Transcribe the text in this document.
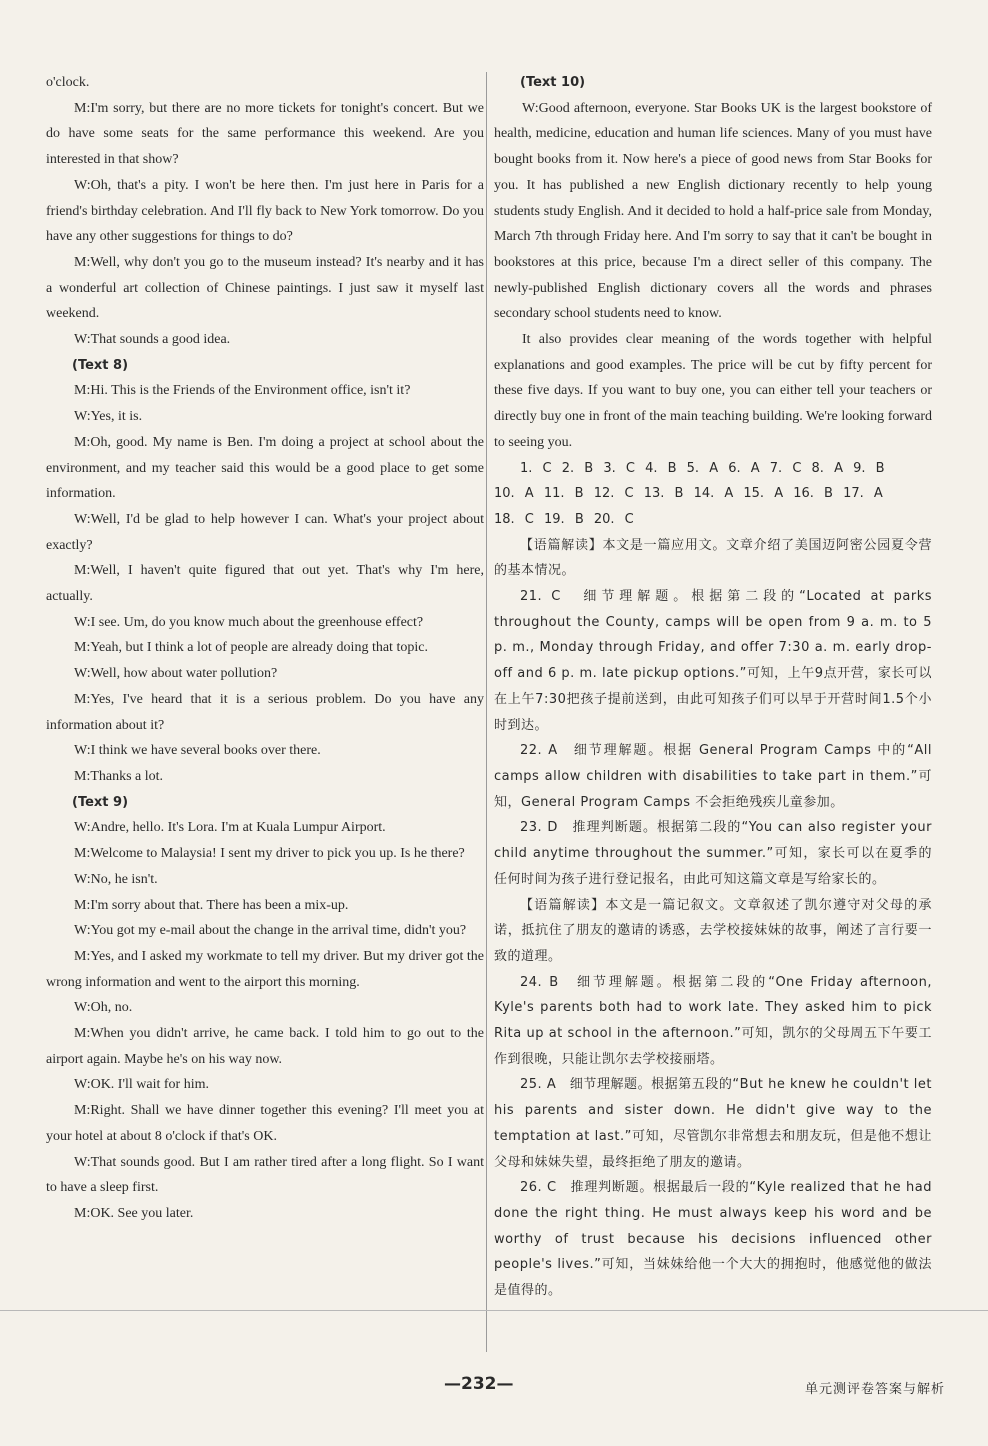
o'clock.

M:I'm sorry, but there are no more tickets for tonight's concert. But we do have some seats for the same performance this weekend. Are you interested in that show?

W:Oh, that's a pity. I won't be here then. I'm just here in Paris for a friend's birthday celebration. And I'll fly back to New York tomorrow. Do you have any other suggestions for things to do?

M:Well, why don't you go to the museum instead? It's nearby and it has a wonderful art collection of Chinese paintings. I just saw it myself last weekend.

W:That sounds a good idea.

(Text 8)

M:Hi. This is the Friends of the Environment office, isn't it?

W:Yes, it is.

M:Oh, good. My name is Ben. I'm doing a project at school about the environment, and my teacher said this would be a good place to get some information.

W:Well, I'd be glad to help however I can. What's your project about exactly?

M:Well, I haven't quite figured that out yet. That's why I'm here, actually.

W:I see. Um, do you know much about the greenhouse effect?

M:Yeah, but I think a lot of people are already doing that topic.

W:Well, how about water pollution?

M:Yes, I've heard that it is a serious problem. Do you have any information about it?

W:I think we have several books over there.

M:Thanks a lot.

(Text 9)

W:Andre, hello. It's Lora. I'm at Kuala Lumpur Airport.

M:Welcome to Malaysia! I sent my driver to pick you up. Is he there?

W:No, he isn't.

M:I'm sorry about that. There has been a mix-up.

W:You got my e-mail about the change in the arrival time, didn't you?

M:Yes, and I asked my workmate to tell my driver. But my driver got the wrong information and went to the airport this morning.

W:Oh, no.

M:When you didn't arrive, he came back. I told him to go out to the airport again. Maybe he's on his way now.

W:OK. I'll wait for him.

M:Right. Shall we have dinner together this evening? I'll meet you at your hotel at about 8 o'clock if that's OK.

W:That sounds good. But I am rather tired after a long flight. So I want to have a sleep first.

M:OK. See you later.

(Text 10)

W:Good afternoon, everyone. Star Books UK is the largest bookstore of health, medicine, education and human life sciences. Many of you must have bought books from it. Now here's a piece of good news from Star Books for you. It has published a new English dictionary recently to help young students study English. And it decided to hold a half-price sale from Monday, March 7th through Friday here. And I'm sorry to say that it can't be bought in bookstores at this price, because I'm a direct seller of this company. The newly-published English dictionary covers all the words and phrases secondary school students need to know.

It also provides clear meaning of the words together with helpful explanations and good examples. The price will be cut by fifty percent for these five days. If you want to buy one, you can either tell your teachers or directly buy one in front of the main teaching building. We're looking forward to seeing you.

1. C 2. B 3. C 4. B 5. A 6. A 7. C 8. A 9. B

10. A 11. B 12. C 13. B 14. A 15. A 16. B 17. A

18. C 19. B 20. C

【语篇解读】本文是一篇应用文。文章介绍了美国迈阿密公园夏令营的基本情况。

21. C　细节理解题。根据第二段的“Located at parks throughout the County, camps will be open from 9 a. m. to 5 p. m., Monday through Friday, and offer 7:30 a. m. early drop-off and 6 p. m. late pickup options.”可知，上午9点开营，家长可以在上午7:30把孩子提前送到，由此可知孩子们可以早于开营时间1.5个小时到达。

22. A　细节理解题。根据 General Program Camps 中的“All camps allow children with disabilities to take part in them.”可知，General Program Camps 不会拒绝残疾儿童参加。

23. D　推理判断题。根据第二段的“You can also register your child anytime throughout the summer.”可知，家长可以在夏季的任何时间为孩子进行登记报名，由此可知这篇文章是写给家长的。

【语篇解读】本文是一篇记叙文。文章叙述了凯尔遵守对父母的承诺，抵抗住了朋友的邀请的诱惑，去学校接妹妹的故事，阐述了言行要一致的道理。

24. B　细节理解题。根据第二段的“One Friday afternoon, Kyle's parents both had to work late. They asked him to pick Rita up at school in the afternoon.”可知，凯尔的父母周五下午要工作到很晚，只能让凯尔去学校接丽塔。

25. A　细节理解题。根据第五段的“But he knew he couldn't let his parents and sister down. He didn't give way to the temptation at last.”可知，尽管凯尔非常想去和朋友玩，但是他不想让父母和妹妹失望，最终拒绝了朋友的邀请。

26. C　推理判断题。根据最后一段的“Kyle realized that he had done the right thing. He must always keep his word and be worthy of trust because his decisions influenced other people's lives.”可知，当妹妹给他一个大大的拥抱时，他感觉他的做法是值得的。

—232—	单元测评卷答案与解析
